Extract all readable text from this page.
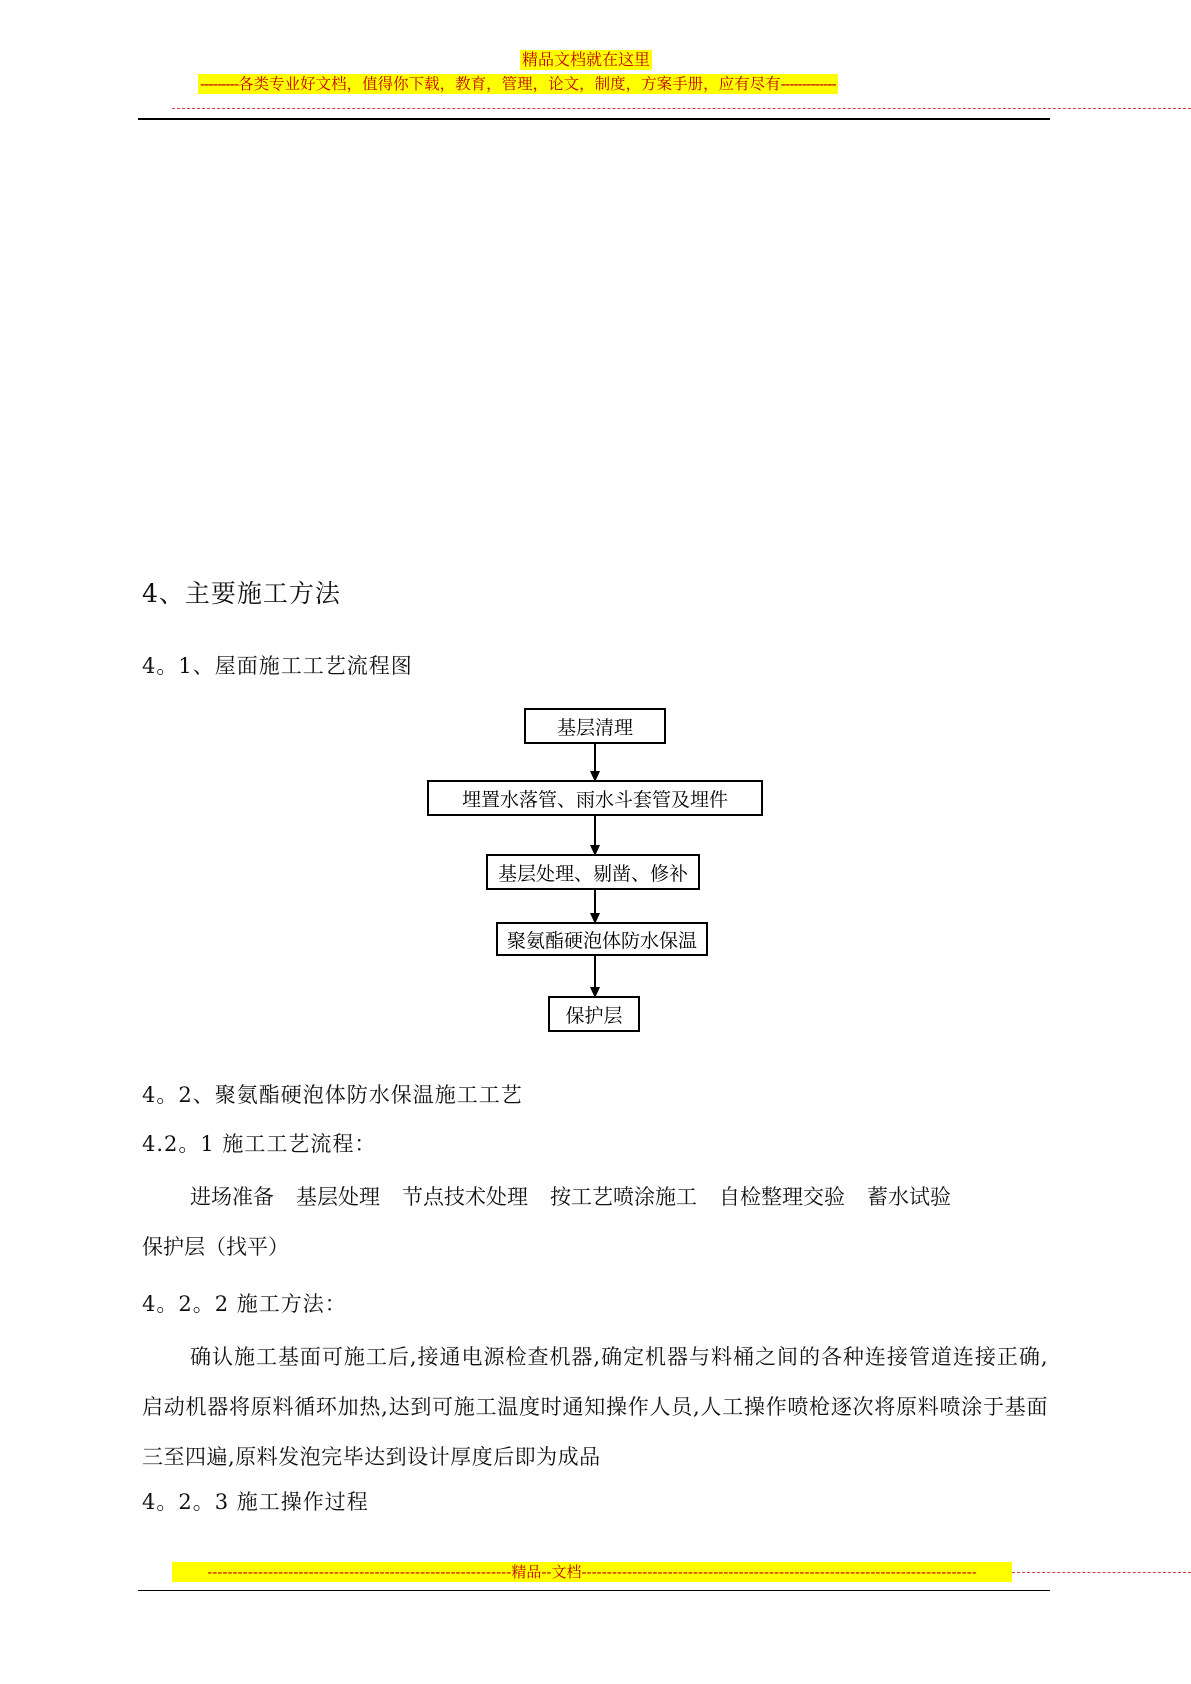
精品文档就在这里
---------各类专业好文档，值得你下载，教育，管理，论文，制度，方案手册，应有尽有-------------
4、主要施工方法
4。1、屋面施工工艺流程图
基层清理
埋置水落管、雨水斗套管及埋件
基层处理、剔凿、修补
聚氨酯硬泡体防水保温
保护层
4。2、聚氨酯硬泡体防水保温施工工艺
4.2。1 施工工艺流程：
进场准备 基层处理 节点技术处理 按工艺喷涂施工 自检整理交验 蓄水试验
保护层（找平）
4。2。2 施工方法：
确认施工基面可施工后,接通电源检查机器,确定机器与料桶之间的各种连接管道连接正确,启动机器将原料循环加热,达到可施工温度时通知操作人员,人工操作喷枪逐次将原料喷涂于基面三至四遍,原料发泡完毕达到设计厚度后即为成品
4。2。3 施工操作过程
------------------------------------------------------------精品--文档------------------------------------------------------------------------------
